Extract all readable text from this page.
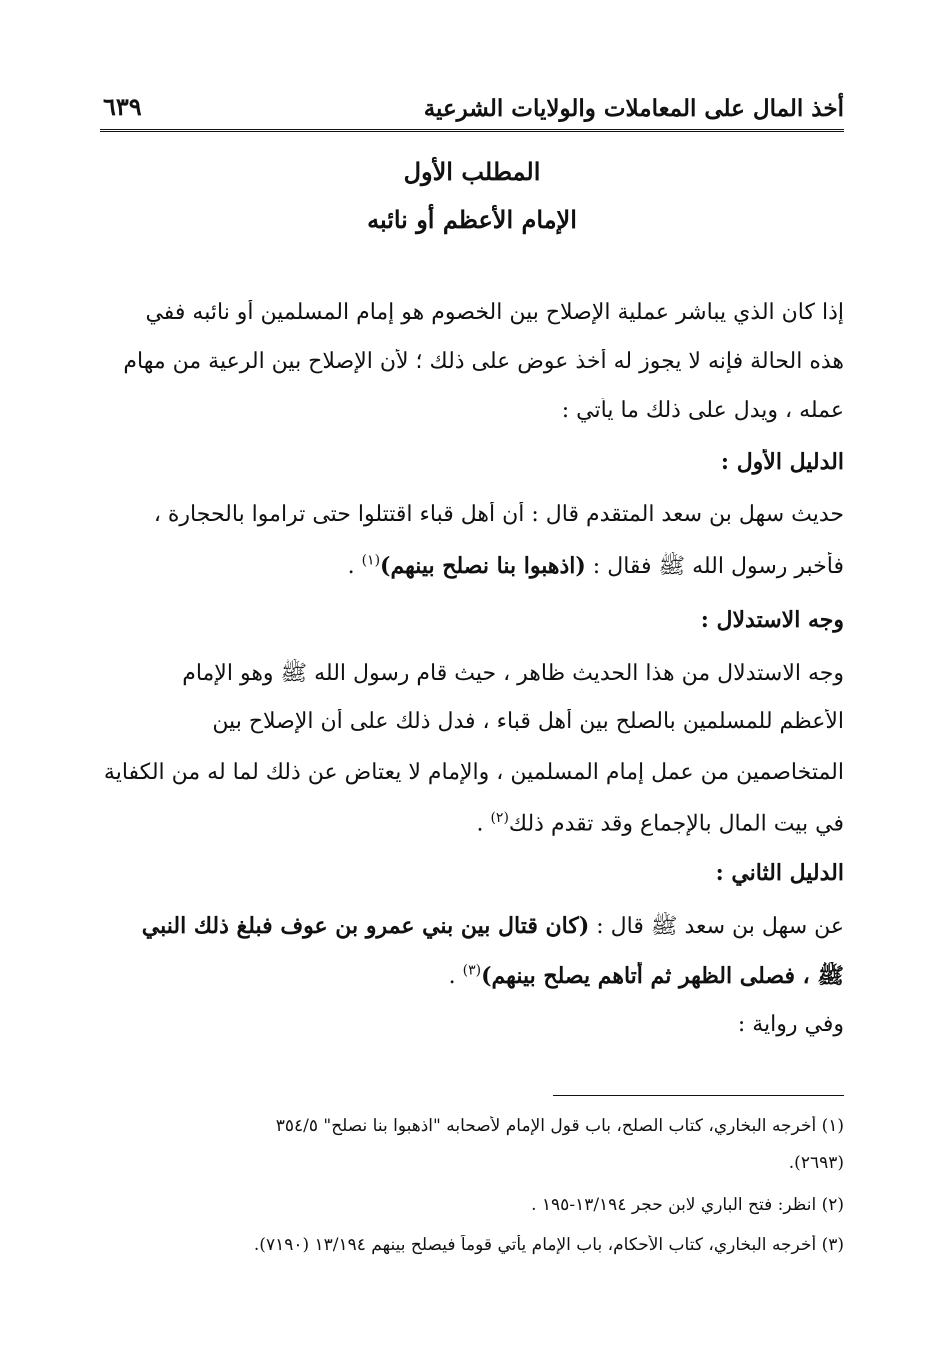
أخذ المال على المعاملات والولايات الشرعية
٦٣٩
المطلب الأول
الإمام الأعظم أو نائبه
إذا كان الذي يباشر عملية الإصلاح بين الخصوم هو إمام المسلمين أو نائبه ففي
هذه الحالة فإنه لا يجوز له أخذ عوض على ذلك ؛ لأن الإصلاح بين الرعية من مهام
عمله ، ويدل على ذلك ما يأتي :
الدليل الأول :
حديث سهل بن سعد المتقدم قال : أن أهل قباء اقتتلوا حتى تراموا بالحجارة ،
فأخبر رسول الله ﷺ فقال : (اذهبوا بنا نصلح بينهم)$^{(١)}$ .
وجه الاستدلال :
وجه الاستدلال من هذا الحديث ظاهر ، حيث قام رسول الله ﷺ وهو الإمام
الأعظم للمسلمين بالصلح بين أهل قباء ، فدل ذلك على أن الإصلاح بين
المتخاصمين من عمل إمام المسلمين ، والإمام لا يعتاض عن ذلك لما له من الكفاية
في بيت المال بالإجماع وقد تقدم ذلك$^{(٢)}$ .
الدليل الثاني :
عن سهل بن سعد ﷺ قال : (كان قتال بين بني عمرو بن عوف فبلغ ذلك النبي
ﷺ ، فصلى الظهر ثم أتاهم يصلح بينهم)$^{(٣)}$ .
وفي رواية :
(١) أخرجه البخاري، كتاب الصلح، باب قول الإمام لأصحابه "اذهبوا بنا نصلح" ٣٥٤/٥
(٢٦٩٣).
(٢) انظر: فتح الباري لابن حجر ١٣/١٩٤-١٩٥ .
(٣) أخرجه البخاري، كتاب الأحكام، باب الإمام يأتي قوماً فيصلح بينهم ١٣/١٩٤ (٧١٩٠).
